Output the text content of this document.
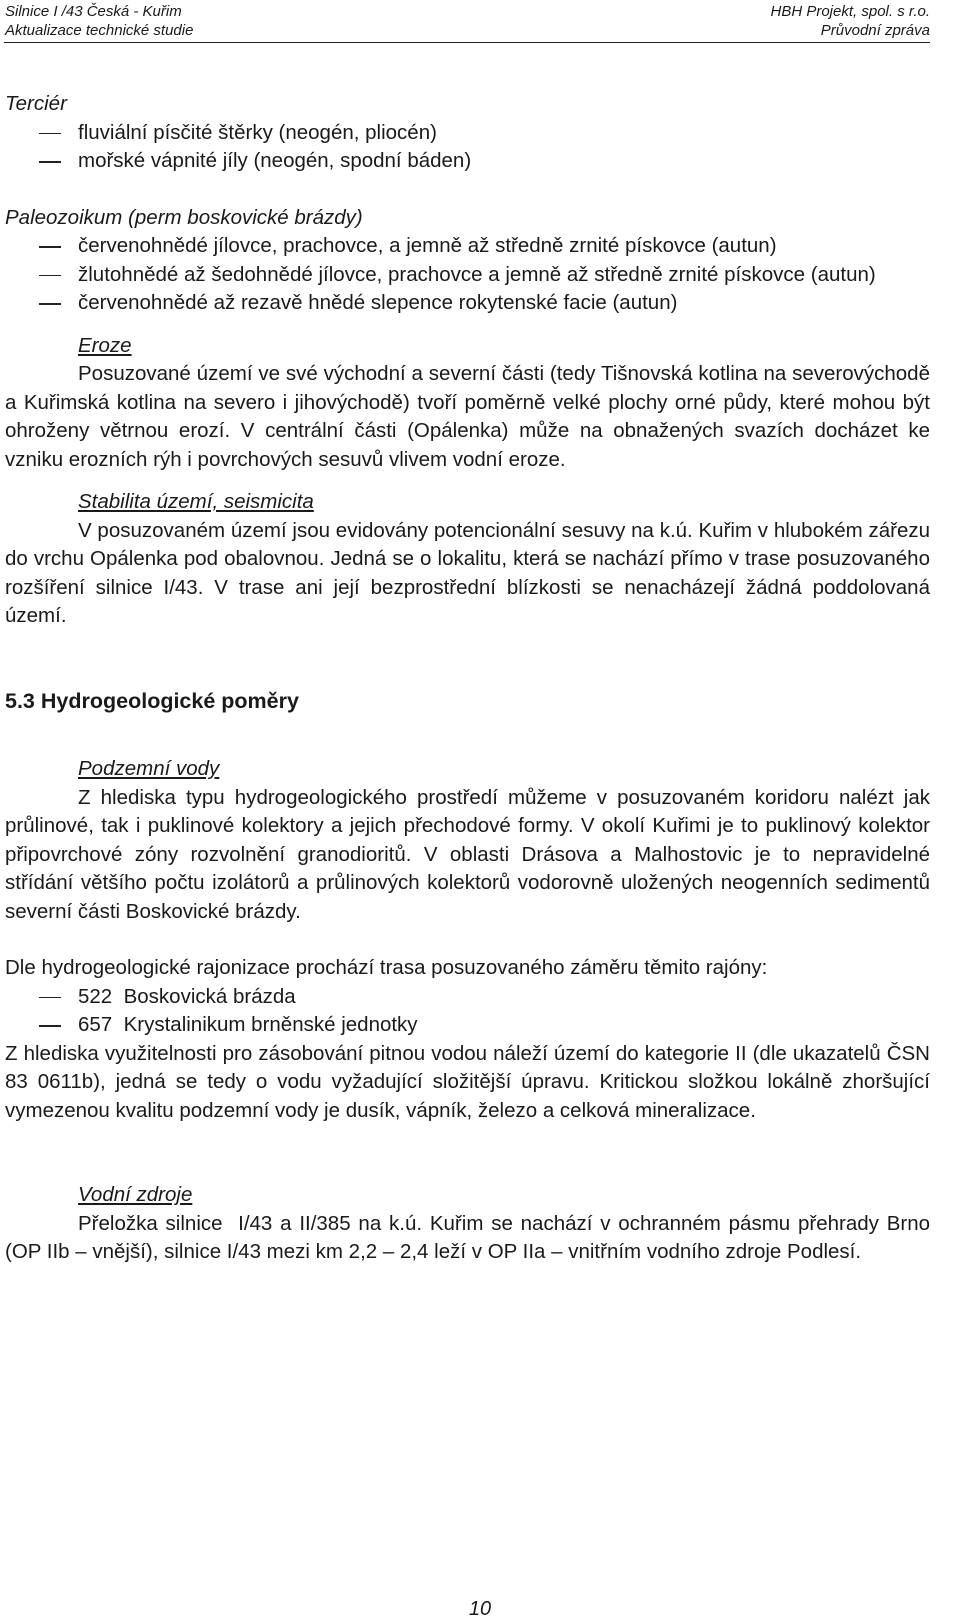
Silnice I /43 Česká - Kuřim
Aktualizace technické studie
HBH Projekt, spol. s r.o.
Průvodní zpráva
Terciér
fluviální písčité štěrky (neogén, pliocén)
mořské vápnité jíly (neogén, spodní báden)
Paleozoikum (perm boskovické brázdy)
červenohnědé jílovce, prachovce, a jemně až středně zrnité pískovce (autun)
žlutohnědé až šedohnědé jílovce, prachovce a jemně až středně zrnité pískovce (autun)
červenohnědé až rezavě hnědé slepence rokytenské facie (autun)
Eroze
Posuzované území ve své východní a severní části (tedy Tišnovská kotlina na severovýchodě a Kuřimská kotlina na severo i jihovýchodě) tvoří poměrně velké plochy orné půdy, které mohou být ohroženy větrnou erozí. V centrální části (Opálenka) může na obnažených svazích docházet ke vzniku erozních rýh i povrchových sesuvů vlivem vodní eroze.
Stabilita území, seismicita
V posuzovaném území jsou evidovány potencionální sesuvy na k.ú. Kuřim v hlubokém zářezu do vrchu Opálenka pod obalovnou. Jedná se o lokalitu, která se nachází přímo v trase posuzovaného rozšíření silnice I/43. V trase ani její bezprostřední blízkosti se nenacházejí žádná poddolovaná území.
5.3 Hydrogeologické poměry
Podzemní vody
Z hlediska typu hydrogeologického prostředí můžeme v posuzovaném koridoru nalézt jak průlinové, tak i puklinové kolektory a jejich přechodové formy. V okolí Kuřimi je to puklinový kolektor připovrchové zóny rozvolnění granodioritů. V oblasti Drásova a Malhostovic je to nepravidelné střídání většího počtu izolátorů a průlinových kolektorů vodorovně uložených neogenních sedimentů severní části Boskovické brázdy.
Dle hydrogeologické rajonizace prochází trasa posuzovaného záměru těmito rajóny:
522  Boskovická brázda
657  Krystalinikum brněnské jednotky
Z hlediska využitelnosti pro zásobování pitnou vodou náleží území do kategorie II (dle ukazatelů ČSN 83 0611b), jedná se tedy o vodu vyžadující složitější úpravu. Kritickou složkou lokálně zhoršující vymezenou kvalitu podzemní vody je dusík, vápník, železo a celková mineralizace.
Vodní zdroje
Přeložka silnice  I/43 a II/385 na k.ú. Kuřim se nachází v ochranném pásmu přehrady Brno (OP IIb – vnější), silnice I/43 mezi km 2,2 – 2,4 leží v OP IIa – vnitřním vodního zdroje Podlesí.
10
